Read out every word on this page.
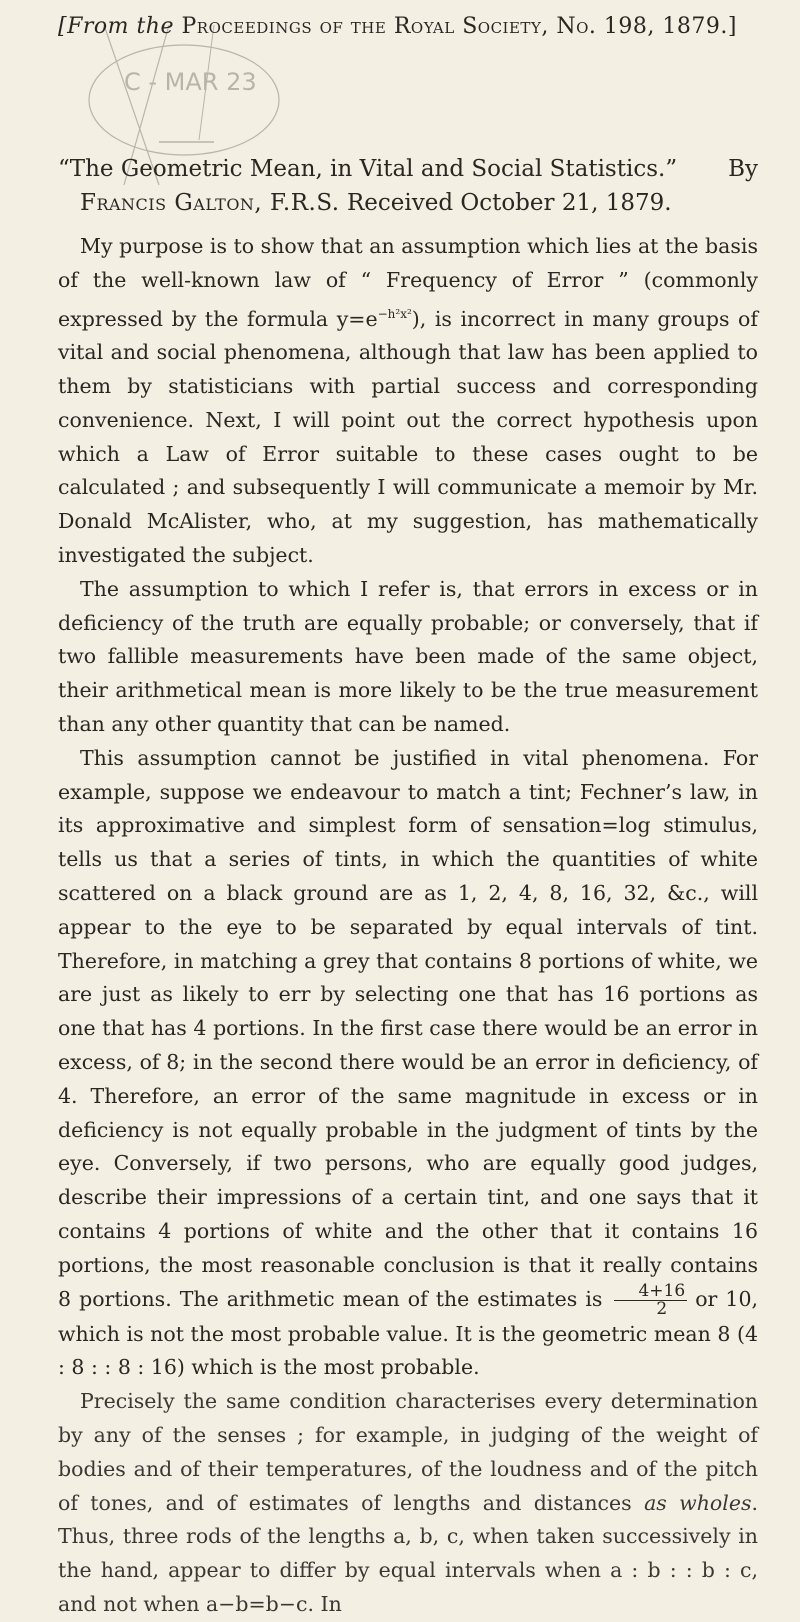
C - MAR 23
[From the Proceedings of the Royal Society, No. 198, 1879.]
“The Geometric Mean, in Vital and Social Statistics.” By
Francis Galton, F.R.S. Received October 21, 1879.

My purpose is to show that an assumption which lies at the basis of the well-known law of “ Frequency of Error ” (commonly expressed by the formula $y=e^{-h^2x^2}$), is incorrect in many groups of vital and social phenomena, although that law has been applied to them by statisticians with partial success and corresponding convenience. Next, I will point out the correct hypothesis upon which a Law of Error suitable to these cases ought to be calculated ; and subsequently I will communicate a memoir by Mr. Donald McAlister, who, at my suggestion, has mathematically investigated the subject.

The assumption to which I refer is, that errors in excess or in deficiency of the truth are equally probable; or conversely, that if two fallible measurements have been made of the same object, their arithmetical mean is more likely to be the true measurement than any other quantity that can be named.

This assumption cannot be justified in vital phenomena. For example, suppose we endeavour to match a tint; Fechner’s law, in its approximative and simplest form of sensation=log stimulus, tells us that a series of tints, in which the quantities of white scattered on a black ground are as 1, 2, 4, 8, 16, 32, &c., will appear to the eye to be separated by equal intervals of tint. Therefore, in matching a grey that contains 8 portions of white, we are just as likely to err by selecting one that has 16 portions as one that has 4 portions. In the first case there would be an error in excess, of 8; in the second there would be an error in deficiency, of 4. Therefore, an error of the same magnitude in excess or in deficiency is not equally probable in the judgment of tints by the eye. Conversely, if two persons, who are equally good judges, describe their impressions of a certain tint, and one says that it contains 4 portions of white and the other that it contains 16 portions, the most reasonable conclusion is that it really contains 8 portions. The arithmetic mean of the estimates is $\frac{4+16}{2}$ or 10, which is not the most probable value. It is the geometric mean 8 (4 : 8 : : 8 : 16) which is the most probable.

Precisely the same condition characterises every determination by any of the senses ; for example, in judging of the weight of bodies and of their temperatures, of the loudness and of the pitch of tones, and of estimates of lengths and distances as wholes. Thus, three rods of the lengths a, b, c, when taken successively in the hand, appear to differ by equal intervals when a : b : : b : c, and not when a−b=b−c. In
